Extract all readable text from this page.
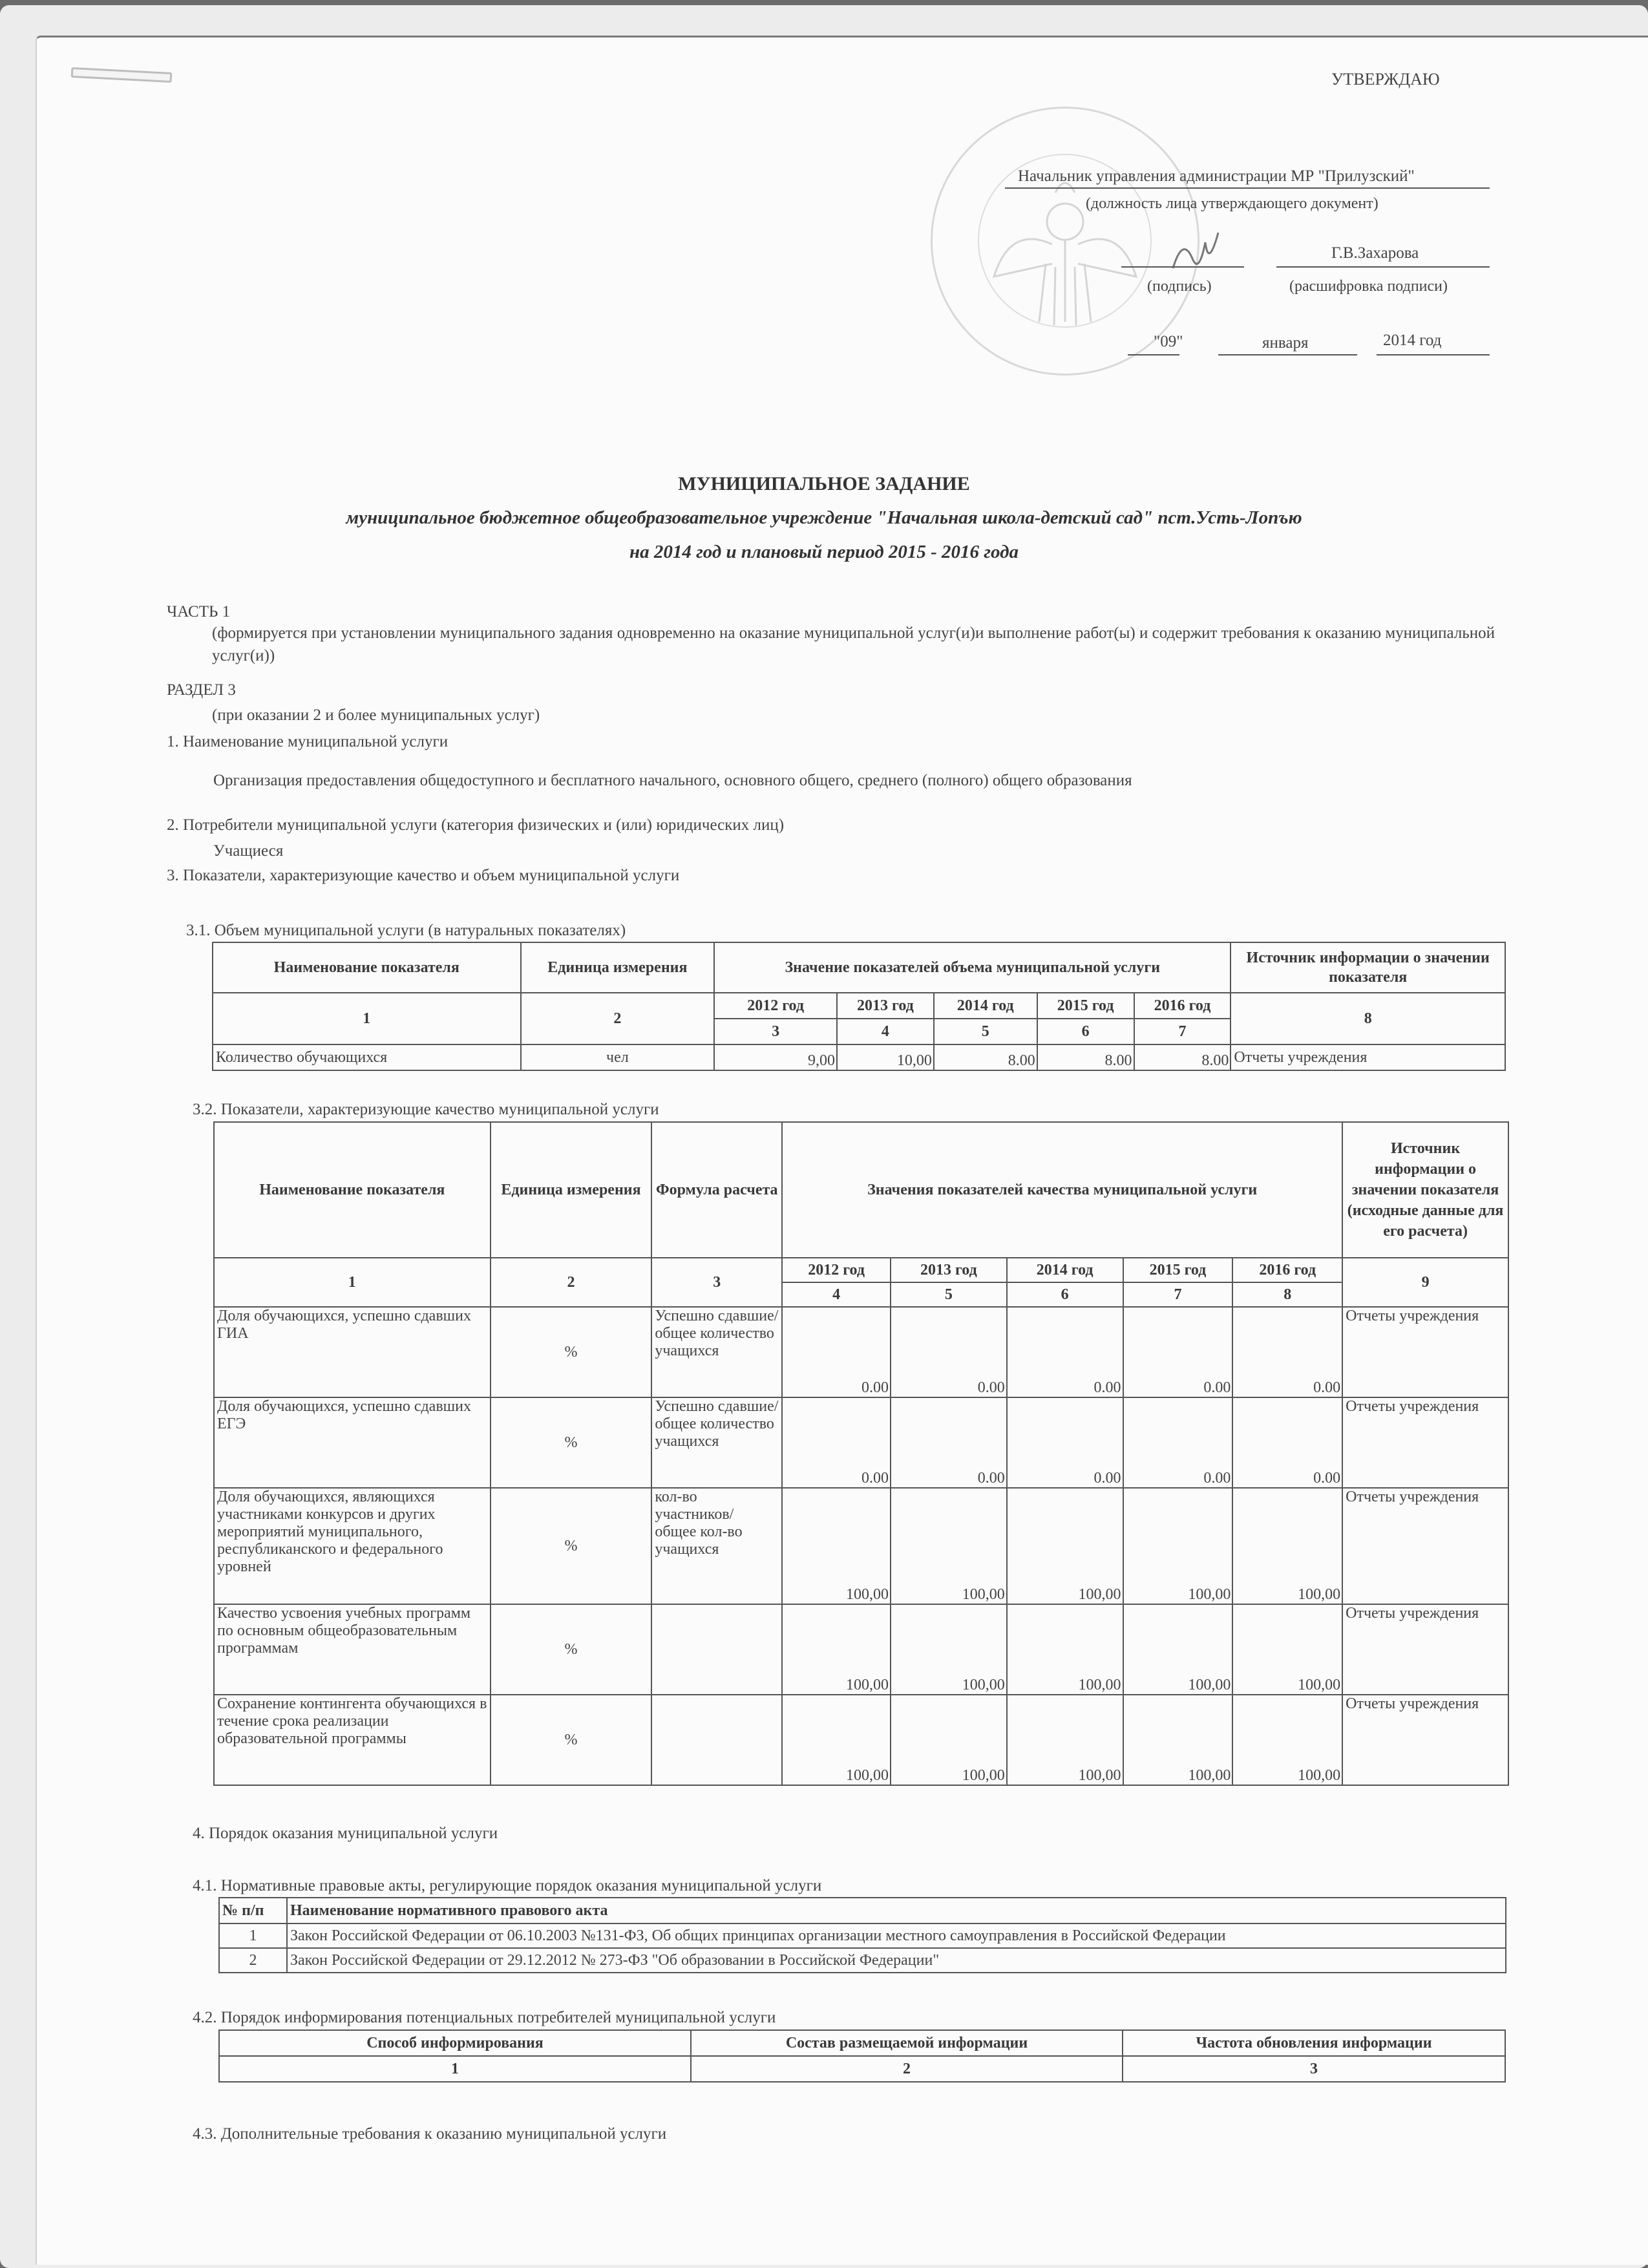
УТВЕРЖДАЮ
Начальник управления администрации МР "Прилузский"
(должность лица утверждающего документ)
Г.В.Захарова
(подпись)	(расшифровка подписи)
"09"	января	2014 год
МУНИЦИПАЛЬНОЕ ЗАДАНИЕ
муниципальное бюджетное общеобразовательное учреждение "Начальная школа-детский сад" пст.Усть-Лопъю
на 2014 год и плановый период 2015 - 2016 года
ЧАСТЬ 1
(формируется при установлении муниципального задания одновременно на оказание муниципальной услуг(и)и выполнение работ(ы) и содержит требования к оказанию муниципальной услуг(и))
РАЗДЕЛ 3
(при оказании 2 и более муниципальных услуг)
1. Наименование муниципальной услуги
Организация предоставления общедоступного и бесплатного начального, основного общего, среднего (полного) общего образования
2. Потребители муниципальной услуги (категория физических и (или) юридических лиц)
Учащиеся
3. Показатели, характеризующие качество и объем муниципальной услуги
3.1. Объем муниципальной услуги (в натуральных показателях)
Наименование показателя	Единица измерения	Значение показателей объема муниципальной услуги					Источник информации о значении показателя
1	2	2012 год	2013 год	2014 год	2015 год	2016 год	8
		3	4	5	6	7	
Количество обучающихся	чел	9,00	10,00	8.00	8.00	8.00	Отчеты учреждения
3.2. Показатели, характеризующие качество муниципальной услуги
Наименование показателя	Единица измерения	Формула расчета	Значения показателей качества муниципальной услуги					Источник информации о значении показателя (исходные данные для его расчета)
1	2	3	2012 год	2013 год	2014 год	2015 год	2016 год	9
			4	5	6	7	8	
Доля обучающихся, успешно сдавших ГИА	%	Успешно сдавшие/общее количество учащихся	0.00	0.00	0.00	0.00	0.00	Отчеты учреждения
Доля обучающихся, успешно сдавших ЕГЭ	%	Успешно сдавшие/общее количество учащихся	0.00	0.00	0.00	0.00	0.00	Отчеты учреждения
Доля обучающихся, являющихся участниками конкурсов и других мероприятий муниципального, республиканского и федерального уровней	%	кол-во участников/ общее кол-во учащихся	100,00	100,00	100,00	100,00	100,00	Отчеты учреждения
Качество усвоения учебных программ по основным общеобразовательным программам	%		100,00	100,00	100,00	100,00	100,00	Отчеты учреждения
Сохранение контингента обучающихся в течение срока реализации образовательной программы	%		100,00	100,00	100,00	100,00	100,00	Отчеты учреждения
4. Порядок оказания муниципальной услуги
4.1. Нормативные правовые акты, регулирующие порядок оказания муниципальной услуги
№ п/п	Наименование нормативного правового акта
1	Закон Российской Федерации от 06.10.2003 №131-ФЗ, Об общих принципах организации местного самоуправления в Российской Федерации
2	Закон Российской Федерации от 29.12.2012 № 273-ФЗ "Об образовании в Российской Федерации"
4.2. Порядок информирования потенциальных потребителей муниципальной услуги
Способ информирования	Состав размещаемой информации	Частота обновления информации
1	2	3
4.3. Дополнительные требования к оказанию муниципальной услуги
